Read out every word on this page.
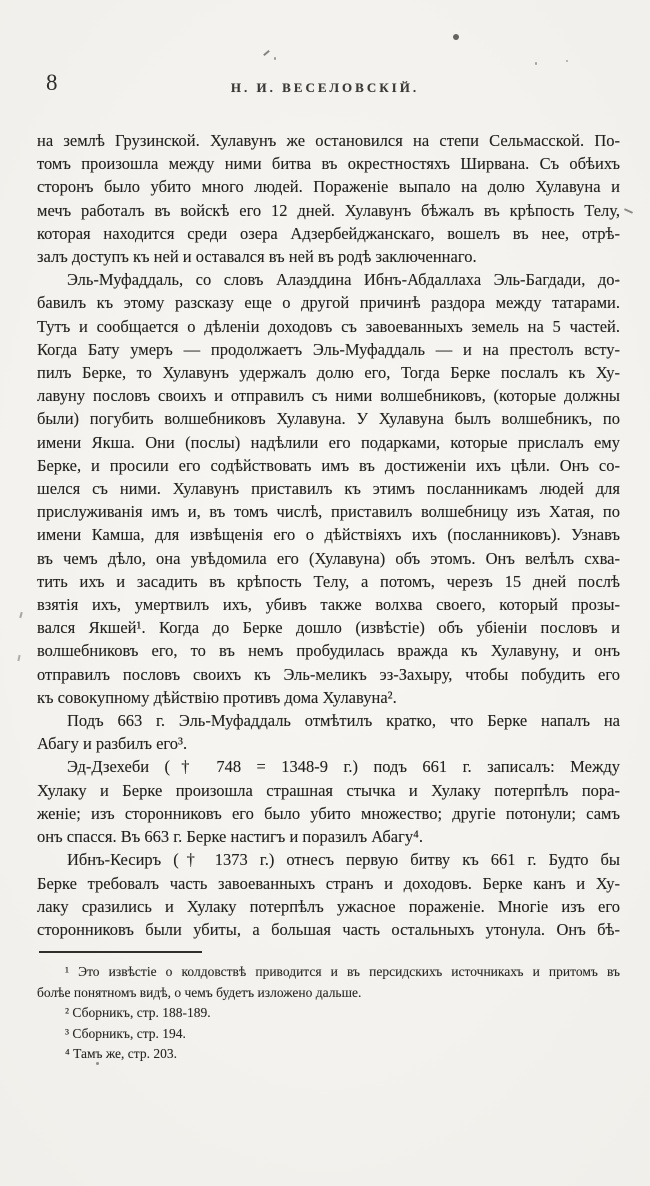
8	Н. И. ВЕСЕЛОВСКІЙ.
на землѣ Грузинской. Хулавунъ же остановился на степи Сельмасской. По-
томъ произошла между ними битва въ окрестностяхъ Ширвана. Съ обѣихъ
сторонъ было убито много людей. Пораженіе выпало на долю Хулавуна и
мечъ работалъ въ войскѣ его 12 дней. Хулавунъ бѣжалъ въ крѣпость Телу,
которая находится среди озера Адзербейджанскаго, вошелъ въ нее, отрѣ-
залъ доступъ къ ней и оставался въ ней въ родѣ заключеннаго.
Эль-Муфаддаль, со словъ Алаэддина Ибнъ-Абдаллаха Эль-Багдади, до-
бавилъ къ этому разсказу еще о другой причинѣ раздора между татарами.
Тутъ и сообщается о дѣленіи доходовъ съ завоеванныхъ земель на 5 частей.
Когда Бату умеръ — продолжаетъ Эль-Муфаддаль — и на престолъ всту-
пилъ Берке, то Хулавунъ удержалъ долю его, Тогда Берке послалъ къ Ху-
лавуну пословъ своихъ и отправилъ съ ними волшебниковъ, (которые должны
были) погубить волшебниковъ Хулавуна. У Хулавуна былъ волшебникъ, по
имени Якша. Они (послы) надѣлили его подарками, которые прислалъ ему
Берке, и просили его содѣйствовать имъ въ достиженіи ихъ цѣли. Онъ со-
шелся съ ними. Хулавунъ приставилъ къ этимъ посланникамъ людей для
прислуживанія имъ и, въ томъ числѣ, приставилъ волшебницу изъ Хатая, по
имени Камша, для извѣщенія его о дѣйствіяхъ ихъ (посланниковъ). Узнавъ
въ чемъ дѣло, она увѣдомила его (Хулавуна) объ этомъ. Онъ велѣлъ схва-
тить ихъ и засадить въ крѣпость Телу, а потомъ, черезъ 15 дней послѣ
взятія ихъ, умертвилъ ихъ, убивъ также волхва своего, который прозы-
вался Якшей¹. Когда до Берке дошло (извѣстіе) объ убіеніи пословъ и
волшебниковъ его, то въ немъ пробудилась вражда къ Хулавуну, и онъ
отправилъ пословъ своихъ къ Эль-меликъ эз-Захыру, чтобы побудить его
къ совокупному дѣйствію противъ дома Хулавуна².
Подъ 663 г. Эль-Муфаддаль отмѣтилъ кратко, что Берке напалъ на
Абагу и разбилъ его³.
Эд-Дзехеби († 748 = 1348-9 г.) подъ 661 г. записалъ: Между
Хулаку и Берке произошла страшная стычка и Хулаку потерпѣлъ пора-
женіе; изъ сторонниковъ его было убито множество; другіе потонули; самъ
онъ спасся. Въ 663 г. Берке настигъ и поразилъ Абагу⁴.
Ибнъ-Кесиръ († 1373 г.) отнесъ первую битву къ 661 г. Будто бы
Берке требовалъ часть завоеванныхъ странъ и доходовъ. Берке канъ и Ху-
лаку сразились и Хулаку потерпѣлъ ужасное пораженіе. Многіе изъ его
сторонниковъ были убиты, а большая часть остальныхъ утонула. Онъ бѣ-
¹ Это извѣстіе о колдовствѣ приводится и въ персидскихъ источникахъ и притомъ въ
болѣе понятномъ видѣ, о чемъ будетъ изложено дальше.
² Сборникъ, стр. 188-189.
³ Сборникъ, стр. 194.
⁴ Тамъ же, стр. 203.
